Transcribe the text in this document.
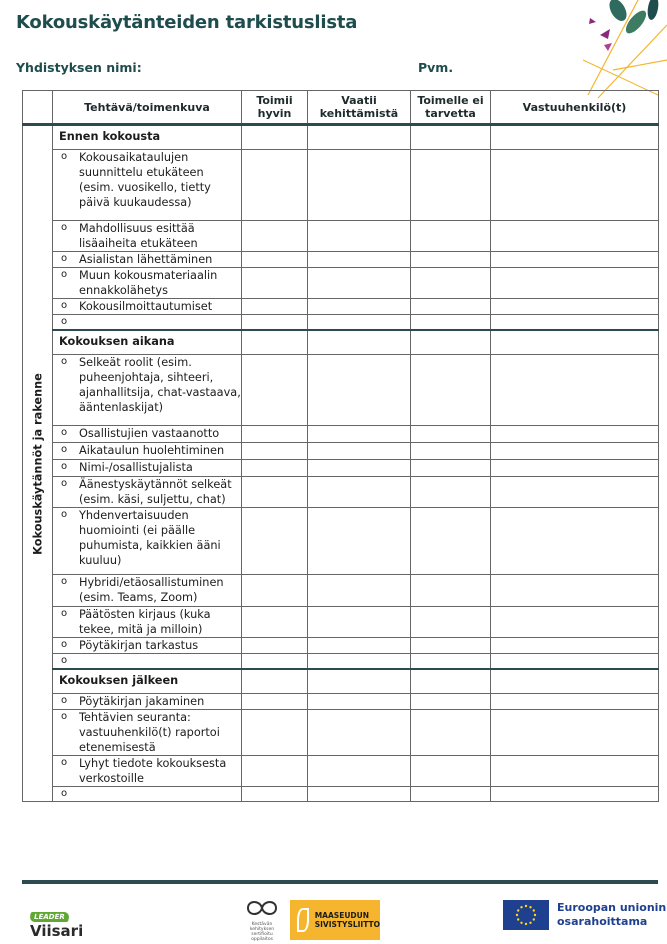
Kokouskäytänteiden tarkistuslista
Yhdistyksen nimi:	Pvm.
	Tehtävä/toimenkuva	Toimii hyvin	Vaatii kehittämistä	Toimelle ei tarvetta	Vastuuhenkilö(t)

Kokouskäytännöt ja rakenne	Ennen kokousta				

	o Kokousaikataulujen suunnittelu etukäteen (esim. vuosikello, tietty päivä kuukaudessa)				

	o Mahdollisuus esittää lisäaiheita etukäteen				

	o Asialistan lähettäminen				

	o Muun kokousmateriaalin ennakkolähetys				

	o Kokousilmoittautumiset				

	o				

	Kokouksen aikana				

	o Selkeät roolit (esim. puheenjohtaja, sihteeri, ajanhallitsija, chat-vastaava, ääntenlaskijat)				

	o Osallistujien vastaanotto				

	o Aikataulun huolehtiminen				

	o Nimi-/osallistujalista				

	o Äänestyskäytännöt selkeät (esim. käsi, suljettu, chat)				

	o Yhdenvertaisuuden huomiointi (ei päälle puhumista, kaikkien ääni kuuluu)				

	o Hybridi/etäosallistuminen (esim. Teams, Zoom)				

	o Päätösten kirjaus (kuka tekee, mitä ja milloin)				

	o Pöytäkirjan tarkastus				

	o				

	Kokouksen jälkeen				

	o Pöytäkirjan jakaminen				

	o Tehtävien seuranta: vastuuhenkilö(t) raportoi etenemisestä				

	o Lyhyt tiedote kokouksesta verkostoille				

	o				

LEADER
Viisari	Kestävän kehityksen sertifioitu oppilaitos
MAASEUDUN
SIVISTYSLIITTO
Euroopan unionin
osarahoittama
